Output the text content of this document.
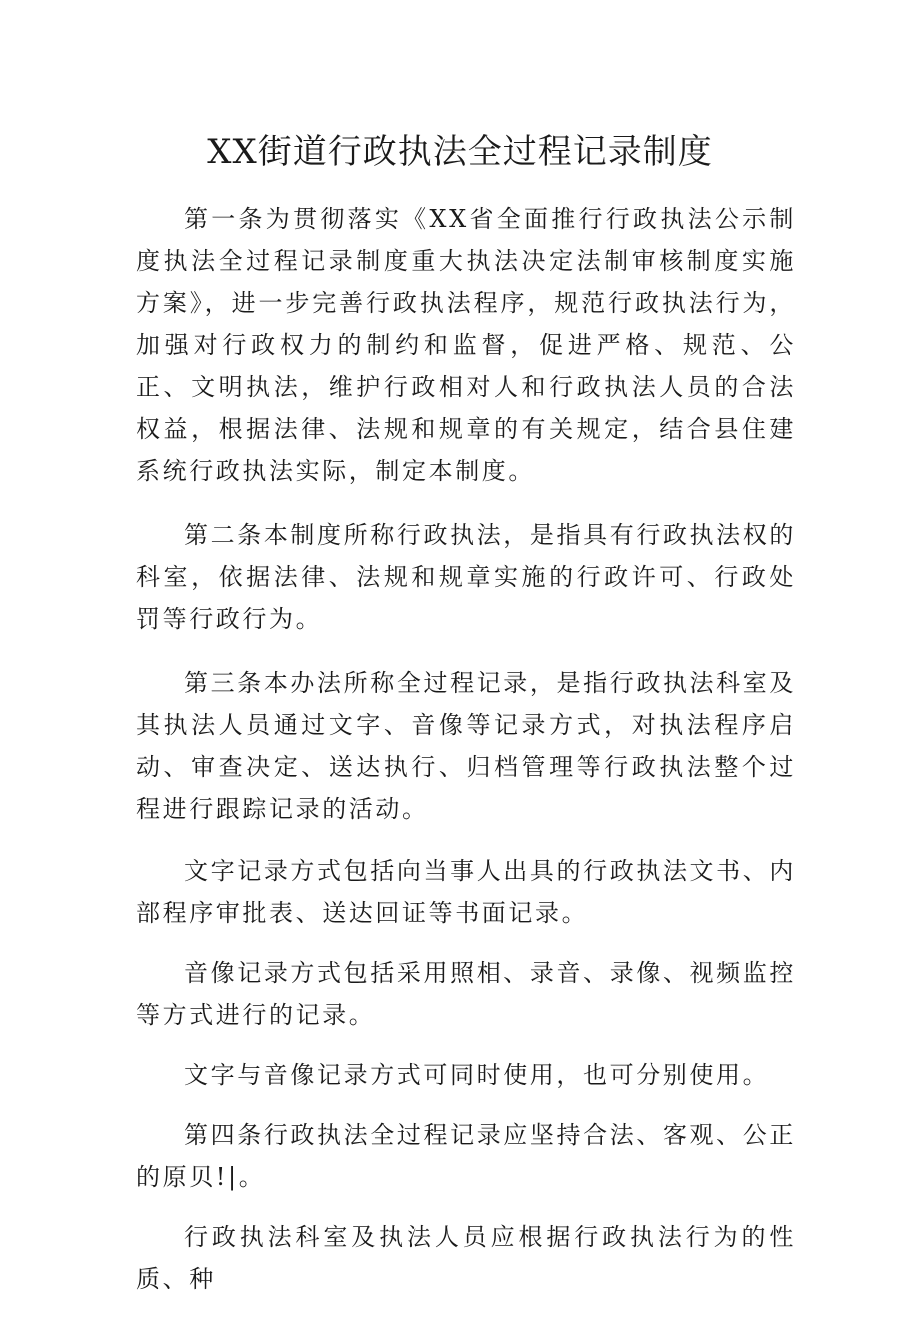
XX街道行政执法全过程记录制度

第一条为贯彻落实《XX省全面推行行政执法公示制度执法全过程记录制度重大执法决定法制审核制度实施方案》，进一步完善行政执法程序，规范行政执法行为，加强对行政权力的制约和监督，促进严格、规范、公正、文明执法，维护行政相对人和行政执法人员的合法权益，根据法律、法规和规章的有关规定，结合县住建系统行政执法实际，制定本制度。

第二条本制度所称行政执法，是指具有行政执法权的科室，依据法律、法规和规章实施的行政许可、行政处罚等行政行为。

第三条本办法所称全过程记录，是指行政执法科室及其执法人员通过文字、音像等记录方式，对执法程序启动、审查决定、送达执行、归档管理等行政执法整个过程进行跟踪记录的活动。

文字记录方式包括向当事人出具的行政执法文书、内部程序审批表、送达回证等书面记录。

音像记录方式包括采用照相、录音、录像、视频监控等方式进行的记录。

文字与音像记录方式可同时使用，也可分别使用。

第四条行政执法全过程记录应坚持合法、客观、公正的原贝!|。

行政执法科室及执法人员应根据行政执法行为的性质、种
